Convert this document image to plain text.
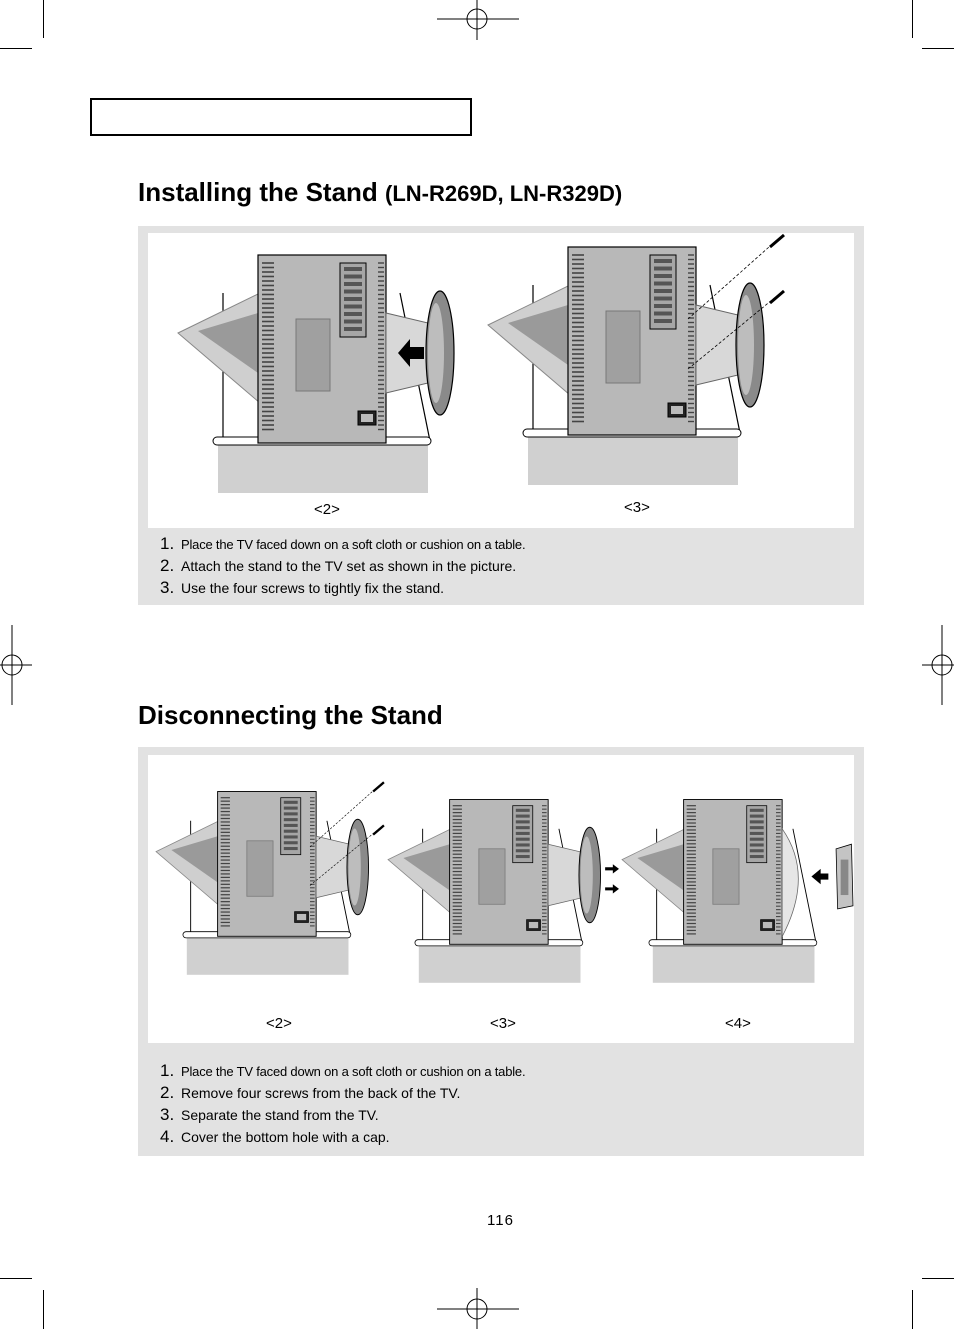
Installing the Stand (LN-R269D, LN-R329D)
<2>	<3>
1. Place the TV faced down on a soft cloth or cushion on a table.
2. Attach the stand to the TV set as shown in the picture.
3. Use the four screws to tightly fix the stand.
Disconnecting the Stand
<2>	<3>	<4>
1. Place the TV faced down on a soft cloth or cushion on a table.
2. Remove four screws from the back of the TV.
3. Separate the stand from the TV.
4. Cover the bottom hole with a cap.
116
